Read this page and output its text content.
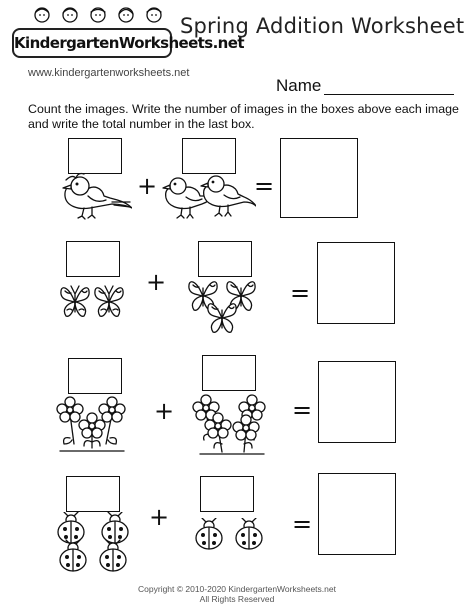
KindergartenWorksheets.net
Spring Addition Worksheet
www.kindergartenworksheets.net
Name
Count the images. Write the number of images in the boxes above each image and write the total number in the last box.
+	=
+	=
+	=
+	=
Copyright © 2010-2020 KindergartenWorksheets.net
All Rights Reserved
